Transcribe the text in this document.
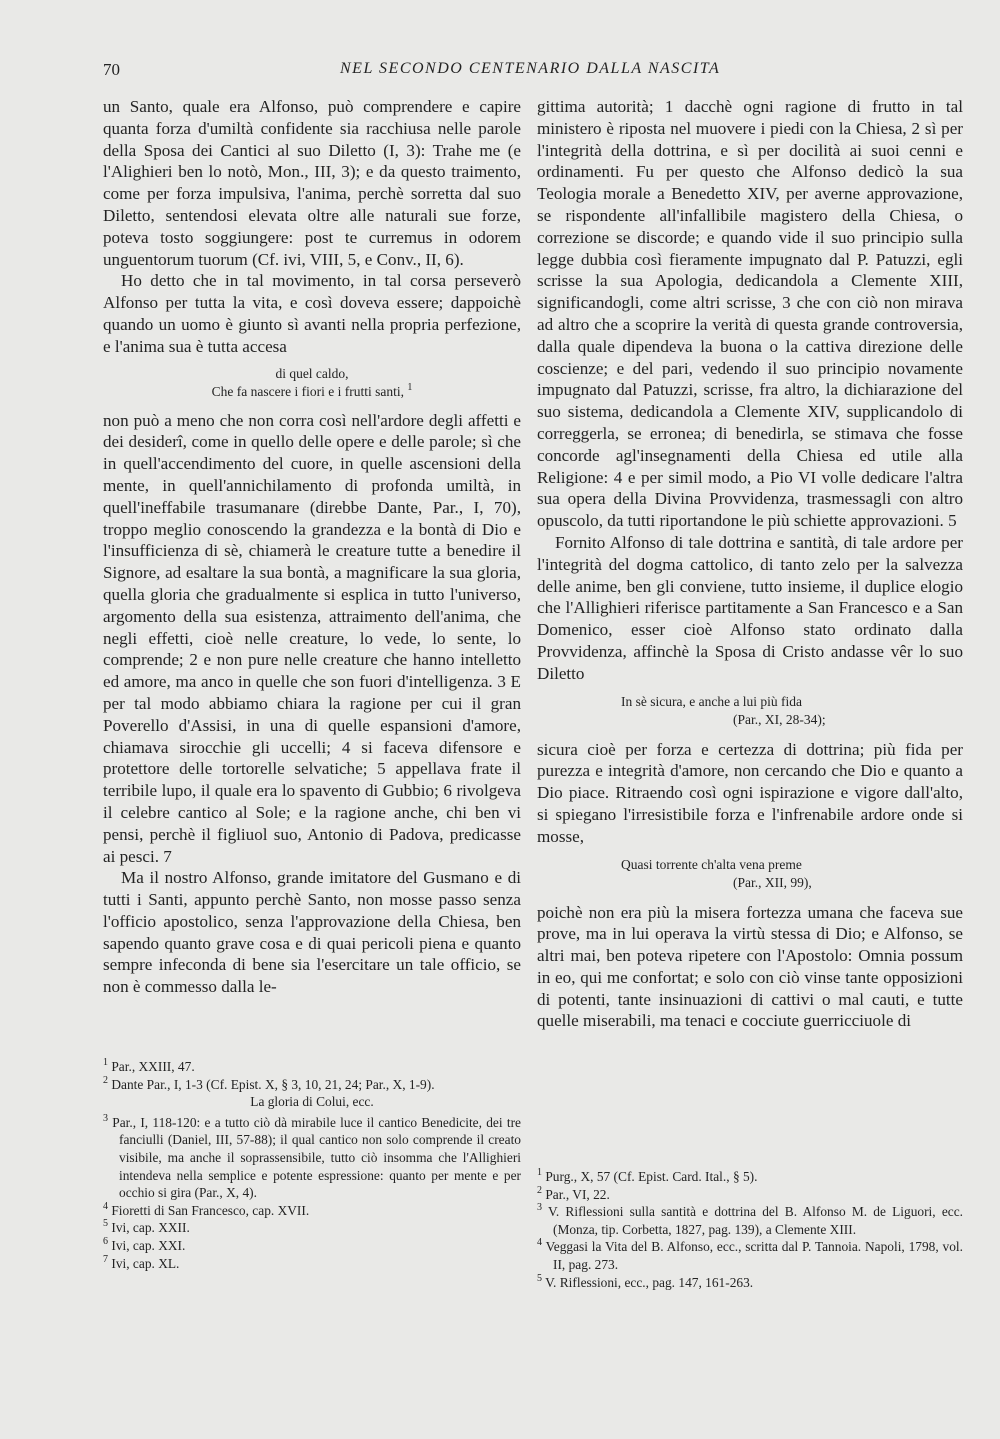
70	NEL SECONDO CENTENARIO DALLA NASCITA

un Santo, quale era Alfonso, può comprendere e capire quanta forza d'umiltà confidente sia racchiusa nelle parole della Sposa dei Cantici al suo Diletto (I, 3): Trahe me (e l'Alighieri ben lo notò, Mon., III, 3); e da questo traimento, come per forza impulsiva, l'anima, perchè sorretta dal suo Diletto, sentendosi elevata oltre alle naturali sue forze, poteva tosto soggiungere: post te curremus in odorem unguentorum tuorum (Cf. ivi, VIII, 5, e Conv., II, 6).

Ho detto che in tal movimento, in tal corsa perseverò Alfonso per tutta la vita, e così doveva essere; dappoichè quando un uomo è giunto sì avanti nella propria perfezione, e l'anima sua è tutta accesa

di quel caldo,
Che fa nascere i fiori e i frutti santi, $^1$

non può a meno che non corra così nell'ardore degli affetti e dei desiderî, come in quello delle opere e delle parole; sì che in quell'accendimento del cuore, in quelle ascensioni della mente, in quell'annichilamento di profonda umiltà, in quell'ineffabile trasumanare (direbbe Dante, Par., I, 70), troppo meglio conoscendo la grandezza e la bontà di Dio e l'insufficienza di sè, chiamerà le creature tutte a benedire il Signore, ad esaltare la sua bontà, a magnificare la sua gloria, quella gloria che gradualmente si esplica in tutto l'universo, argomento della sua esistenza, attraimento dell'anima, che negli effetti, cioè nelle creature, lo vede, lo sente, lo comprende; 2 e non pure nelle creature che hanno intelletto ed amore, ma anco in quelle che son fuori d'intelligenza. 3 E per tal modo abbiamo chiara la ragione per cui il gran Poverello d'Assisi, in una di quelle espansioni d'amore, chiamava sirocchie gli uccelli; 4 si faceva difensore e protettore delle tortorelle selvatiche; 5 appellava frate il terribile lupo, il quale era lo spavento di Gubbio; 6 rivolgeva il celebre cantico al Sole; e la ragione anche, chi ben vi pensi, perchè il figliuol suo, Antonio di Padova, predicasse ai pesci. 7

Ma il nostro Alfonso, grande imitatore del Gusmano e di tutti i Santi, appunto perchè Santo, non mosse passo senza l'officio apostolico, senza l'approvazione della Chiesa, ben sapendo quanto grave cosa e di quai pericoli piena e quanto sempre infeconda di bene sia l'esercitare un tale officio, se non è commesso dalla le-

gittima autorità; 1 dacchè ogni ragione di frutto in tal ministero è riposta nel muovere i piedi con la Chiesa, 2 sì per l'integrità della dottrina, e sì per docilità ai suoi cenni e ordinamenti. Fu per questo che Alfonso dedicò la sua Teologia morale a Benedetto XIV, per averne approvazione, se rispondente all'infallibile magistero della Chiesa, o correzione se discorde; e quando vide il suo principio sulla legge dubbia così fieramente impugnato dal P. Patuzzi, egli scrisse la sua Apologia, dedicandola a Clemente XIII, significandogli, come altri scrisse, 3 che con ciò non mirava ad altro che a scoprire la verità di questa grande controversia, dalla quale dipendeva la buona o la cattiva direzione delle coscienze; e del pari, vedendo il suo principio novamente impugnato dal Patuzzi, scrisse, fra altro, la dichiarazione del suo sistema, dedicandola a Clemente XIV, supplicandolo di correggerla, se erronea; di benedirla, se stimava che fosse concorde agl'insegnamenti della Chiesa ed utile alla Religione: 4 e per simil modo, a Pio VI volle dedicare l'altra sua opera della Divina Provvidenza, trasmessagli con altro opuscolo, da tutti riportandone le più schiette approvazioni. 5

Fornito Alfonso di tale dottrina e santità, di tale ardore per l'integrità del dogma cattolico, di tanto zelo per la salvezza delle anime, ben gli conviene, tutto insieme, il duplice elogio che l'Allighieri riferisce partitamente a San Francesco e a San Domenico, esser cioè Alfonso stato ordinato dalla Provvidenza, affinchè la Sposa di Cristo andasse vêr lo suo Diletto

In sè sicura, e anche a lui più fida
(Par., XI, 28-34);

sicura cioè per forza e certezza di dottrina; più fida per purezza e integrità d'amore, non cercando che Dio e quanto a Dio piace. Ritraendo così ogni ispirazione e vigore dall'alto, si spiegano l'irresistibile forza e l'infrenabile ardore onde si mosse,

Quasi torrente ch'alta vena preme
(Par., XII, 99),

poichè non era più la misera fortezza umana che faceva sue prove, ma in lui operava la virtù stessa di Dio; e Alfonso, se altri mai, ben poteva ripetere con l'Apostolo: Omnia possum in eo, qui me confortat; e solo con ciò vinse tante opposizioni di potenti, tante insinuazioni di cattivi o mal cauti, e tutte quelle miserabili, ma tenaci e cocciute guerricciuole di

$^1$ Par., XXIII, 47.

$^2$ Dante Par., I, 1-3 (Cf. Epist. X, § 3, 10, 21, 24; Par., X, 1-9).

La gloria di Colui, ecc.

$^3$ Par., I, 118-120: e a tutto ciò dà mirabile luce il cantico Benedicite, dei tre fanciulli (Daniel, III, 57-88); il qual cantico non solo comprende il creato visibile, ma anche il soprassensibile, tutto ciò insomma che l'Allighieri intendeva nella semplice e potente espressione: quanto per mente e per occhio si gira (Par., X, 4).

$^4$ Fioretti di San Francesco, cap. XVII.

$^5$ Ivi, cap. XXII.

$^6$ Ivi, cap. XXI.

$^7$ Ivi, cap. XL.

$^1$ Purg., X, 57 (Cf. Epist. Card. Ital., § 5).

$^2$ Par., VI, 22.

$^3$ V. Riflessioni sulla santità e dottrina del B. Alfonso M. de Liguori, ecc. (Monza, tip. Corbetta, 1827, pag. 139), a Clemente XIII.

$^4$ Veggasi la Vita del B. Alfonso, ecc., scritta dal P. Tannoia. Napoli, 1798, vol. II, pag. 273.

$^5$ V. Riflessioni, ecc., pag. 147, 161-263.
